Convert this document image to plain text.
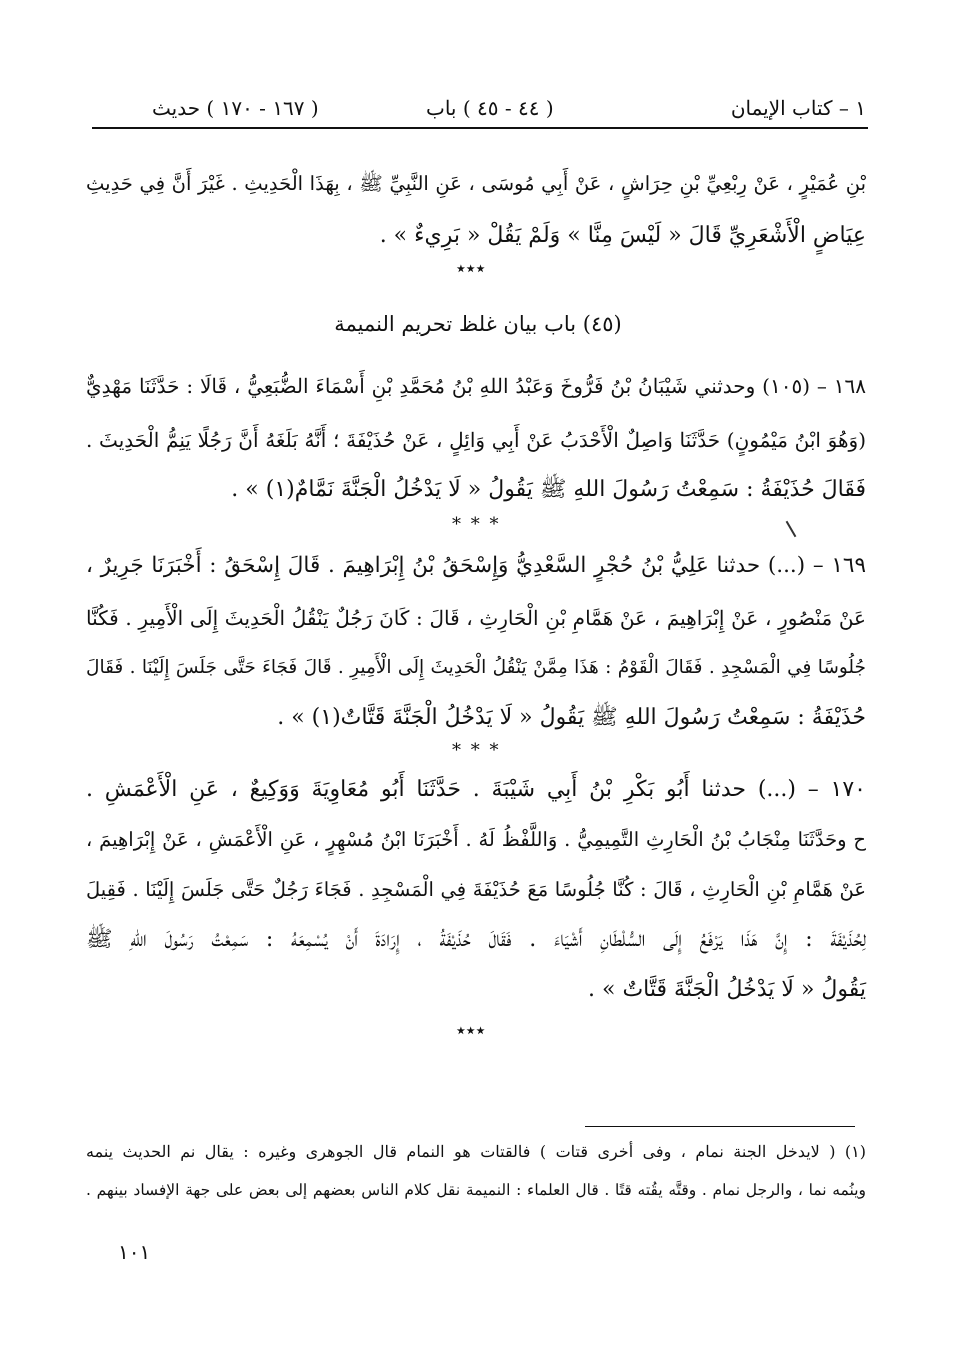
١ – كتاب الإيمان
( ٤٤ - ٤٥ ) باب
( ١٦٧ - ١٧٠ ) حديث
بْنِ عُمَيْرٍ ، عَنْ رِبْعِيِّ بْنِ حِرَاشٍ ، عَنْ أَبِي مُوسَى ، عَنِ النَّبِيِّ ﷺ ، بِهَذَا الْحَدِيثِ . غَيْرَ أَنَّ فِي حَدِيثِ
عِيَاضٍ الْأَشْعَرِيِّ قَالَ « لَيْسَ مِنَّا » وَلَمْ يَقُلْ « بَرِيءٌ » .
٭٭٭
(٤٥) باب بيان غلظ تحريم النميمة
١٦٨ – (١٠٥) وحدثني شَيْبَانُ بْنُ فَرُّوخَ وَعَبْدُ اللهِ بْنُ مُحَمَّدِ بْنِ أَسْمَاءَ الضُّبَعِيُّ ، قَالَا : حَدَّثَنَا مَهْدِيٌّ
(وَهُوَ ابْنُ مَيْمُونٍ) حَدَّثَنَا وَاصِلٌ الْأَحْدَبُ عَنْ أَبِي وَائِلٍ ، عَنْ حُذَيْفَةَ ؛ أَنَّهُ بَلَغَهُ أَنَّ رَجُلًا يَنِمُّ الْحَدِيثَ .
فَقَالَ حُذَيْفَةُ : سَمِعْتُ رَسُولَ اللهِ ﷺ يَقُولُ « لَا يَدْخُلُ الْجَنَّةَ نَمَّامٌ(١) » .
* * *
١٦٩ – (...) حدثنا عَلِيُّ بْنُ حُجْرٍ السَّعْدِيُّ وَإِسْحَقُ بْنُ إِبْرَاهِيمَ . قَالَ إِسْحَقُ : أَخْبَرَنَا جَرِيرٌ ،
عَنْ مَنْصُورٍ ، عَنْ إِبْرَاهِيمَ ، عَنْ هَمَّامِ بْنِ الْحَارِثِ ، قَالَ : كَانَ رَجُلٌ يَنْقُلُ الْحَدِيثَ إِلَى الْأَمِيرِ . فَكُنَّا
جُلُوسًا فِي الْمَسْجِدِ . فَقَالَ الْقَوْمُ : هَذَا مِمَّنْ يَنْقُلُ الْحَدِيثَ إِلَى الْأَمِيرِ . قَالَ فَجَاءَ حَتَّى جَلَسَ إِلَيْنَا . فَقَالَ
حُذَيْفَةُ : سَمِعْتُ رَسُولَ اللهِ ﷺ يَقُولُ « لَا يَدْخُلُ الْجَنَّةَ قَتَّاتٌ(١) » .
* * *
١٧٠ – (...) حدثنا أَبُو بَكْرِ بْنُ أَبِي شَيْبَةَ . حَدَّثَنَا أَبُو مُعَاوِيَةَ وَوَكِيعٌ ، عَنِ الْأَعْمَشِ .
ح وحَدَّثَنَا مِنْجَابُ بْنُ الْحَارِثِ التَّمِيمِيُّ . وَاللَّفْظُ لَهُ . أَخْبَرَنَا ابْنُ مُسْهِرٍ ، عَنِ الْأَعْمَشِ ، عَنْ إِبْرَاهِيمَ ،
عَنْ هَمَّامِ بْنِ الْحَارِثِ ، قَالَ : كُنَّا جُلُوسًا مَعَ حُذَيْفَةَ فِي الْمَسْجِدِ . فَجَاءَ رَجُلٌ حَتَّى جَلَسَ إِلَيْنَا . فَقِيلَ
لِحُذَيْفَةَ : إِنَّ هَذَا يَرْفَعُ إِلَى السُّلْطَانِ أَشْيَاءَ . فَقَالَ حُذَيْفَةُ ، إِرَادَةَ أَنْ يُسْمِعَهُ : سَمِعْتُ رَسُولَ اللهِ ﷺ
يَقُولُ « لَا يَدْخُلُ الْجَنَّةَ قَتَّاتٌ » .
٭٭٭
(١) ( لايدخل الجنة نمام ، وفى أخرى قتات ) فالقتات هو النمام قال الجوهرى وغيره : يقال نم الحديث ينمه
وينُمه نما ، والرجل نمام . وقتَّه يقُته قتًا . قال العلماء : النميمة نقل كلام الناس بعضهم إلى بعض على جهة الإفساد بينهم .
١٠١
